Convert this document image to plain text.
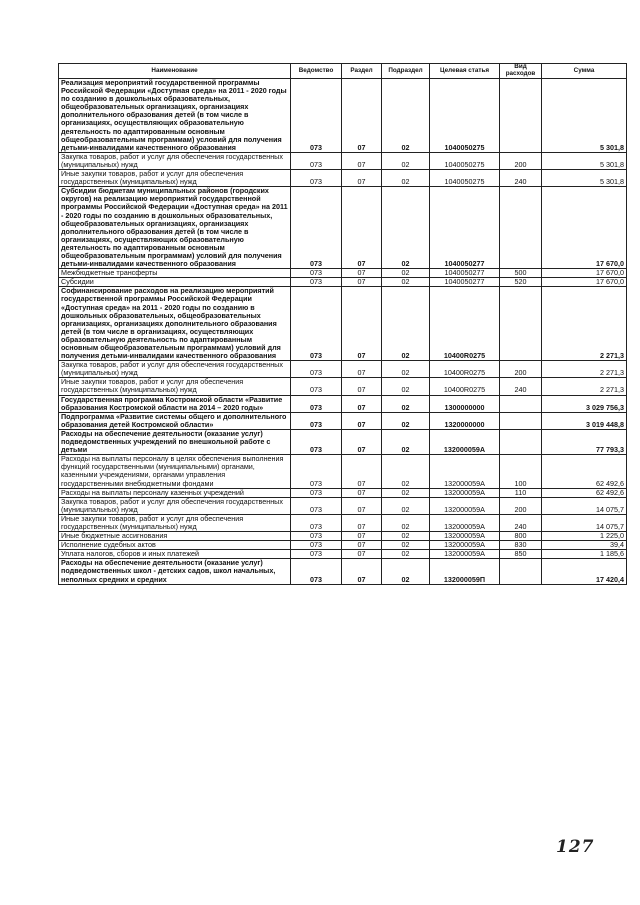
Наименование	Ведомство	Раздел	Подраздел	Целевая статья	Вид расходов	Сумма
Реализация мероприятий государственной программы Российской Федерации «Доступная среда» на 2011 - 2020 годы по созданию в дошкольных образовательных, общеобразовательных организациях, организациях дополнительного образования детей (в том числе в организациях, осуществляющих образовательную деятельность по адаптированным основным общеобразовательным программам) условий для получения детьми-инвалидами качественного образования	073	07	02	1040050275		5 301,8
Закупка товаров, работ и услуг для обеспечения государственных (муниципальных) нужд	073	07	02	1040050275	200	5 301,8
Иные закупки товаров, работ и услуг для обеспечения государственных (муниципальных) нужд	073	07	02	1040050275	240	5 301,8
Субсидии бюджетам муниципальных районов (городских округов) на реализацию мероприятий государственной программы Российской Федерации «Доступная среда» на 2011 - 2020 годы по созданию в дошкольных образовательных, общеобразовательных организациях, организациях дополнительного образования детей (в том числе в организациях, осуществляющих образовательную деятельность по адаптированным основным общеобразовательным программам) условий для получения детьми-инвалидами качественного образования	073	07	02	1040050277		17 670,0
Межбюджетные трансферты	073	07	02	1040050277	500	17 670,0
Субсидии	073	07	02	1040050277	520	17 670,0
Софинансирование расходов на реализацию мероприятий государственной программы Российской Федерации «Доступная среда» на 2011 - 2020 годы по созданию в дошкольных образовательных, общеобразовательных организациях, организациях дополнительного образования детей (в том числе в организациях, осуществляющих образовательную деятельность по адаптированным основным общеобразовательным программам) условий для получения детьми-инвалидами качественного образования	073	07	02	10400R0275		2 271,3
Закупка товаров, работ и услуг для обеспечения государственных (муниципальных) нужд	073	07	02	10400R0275	200	2 271,3
Иные закупки товаров, работ и услуг для обеспечения государственных (муниципальных) нужд	073	07	02	10400R0275	240	2 271,3
Государственная программа Костромской области «Развитие образования Костромской области на 2014 – 2020 годы»	073	07	02	1300000000		3 029 756,3
Подпрограмма «Развитие системы общего и дополнительного образования детей Костромской области»	073	07	02	1320000000		3 019 448,8
Расходы на обеспечение деятельности (оказание услуг) подведомственных учреждений по внешкольной работе с детьми	073	07	02	132000059А		77 793,3
Расходы на выплаты персоналу в целях обеспечения выполнения функций государственными (муниципальными) органами, казенными учреждениями, органами управления государственными внебюджетными фондами	073	07	02	132000059А	100	62 492,6
Расходы на выплаты персоналу казенных учреждений	073	07	02	132000059А	110	62 492,6
Закупка товаров, работ и услуг для обеспечения государственных (муниципальных) нужд	073	07	02	132000059А	200	14 075,7
Иные закупки товаров, работ и услуг для обеспечения государственных (муниципальных) нужд	073	07	02	132000059А	240	14 075,7
Иные бюджетные ассигнования	073	07	02	132000059А	800	1 225,0
Исполнение судебных актов	073	07	02	132000059А	830	39,4
Уплата налогов, сборов и иных платежей	073	07	02	132000059А	850	1 185,6
Расходы на обеспечение деятельности (оказание услуг) подведомственных школ - детских садов, школ начальных, неполных средних и средних	073	07	02	132000059П		17 420,4
127
